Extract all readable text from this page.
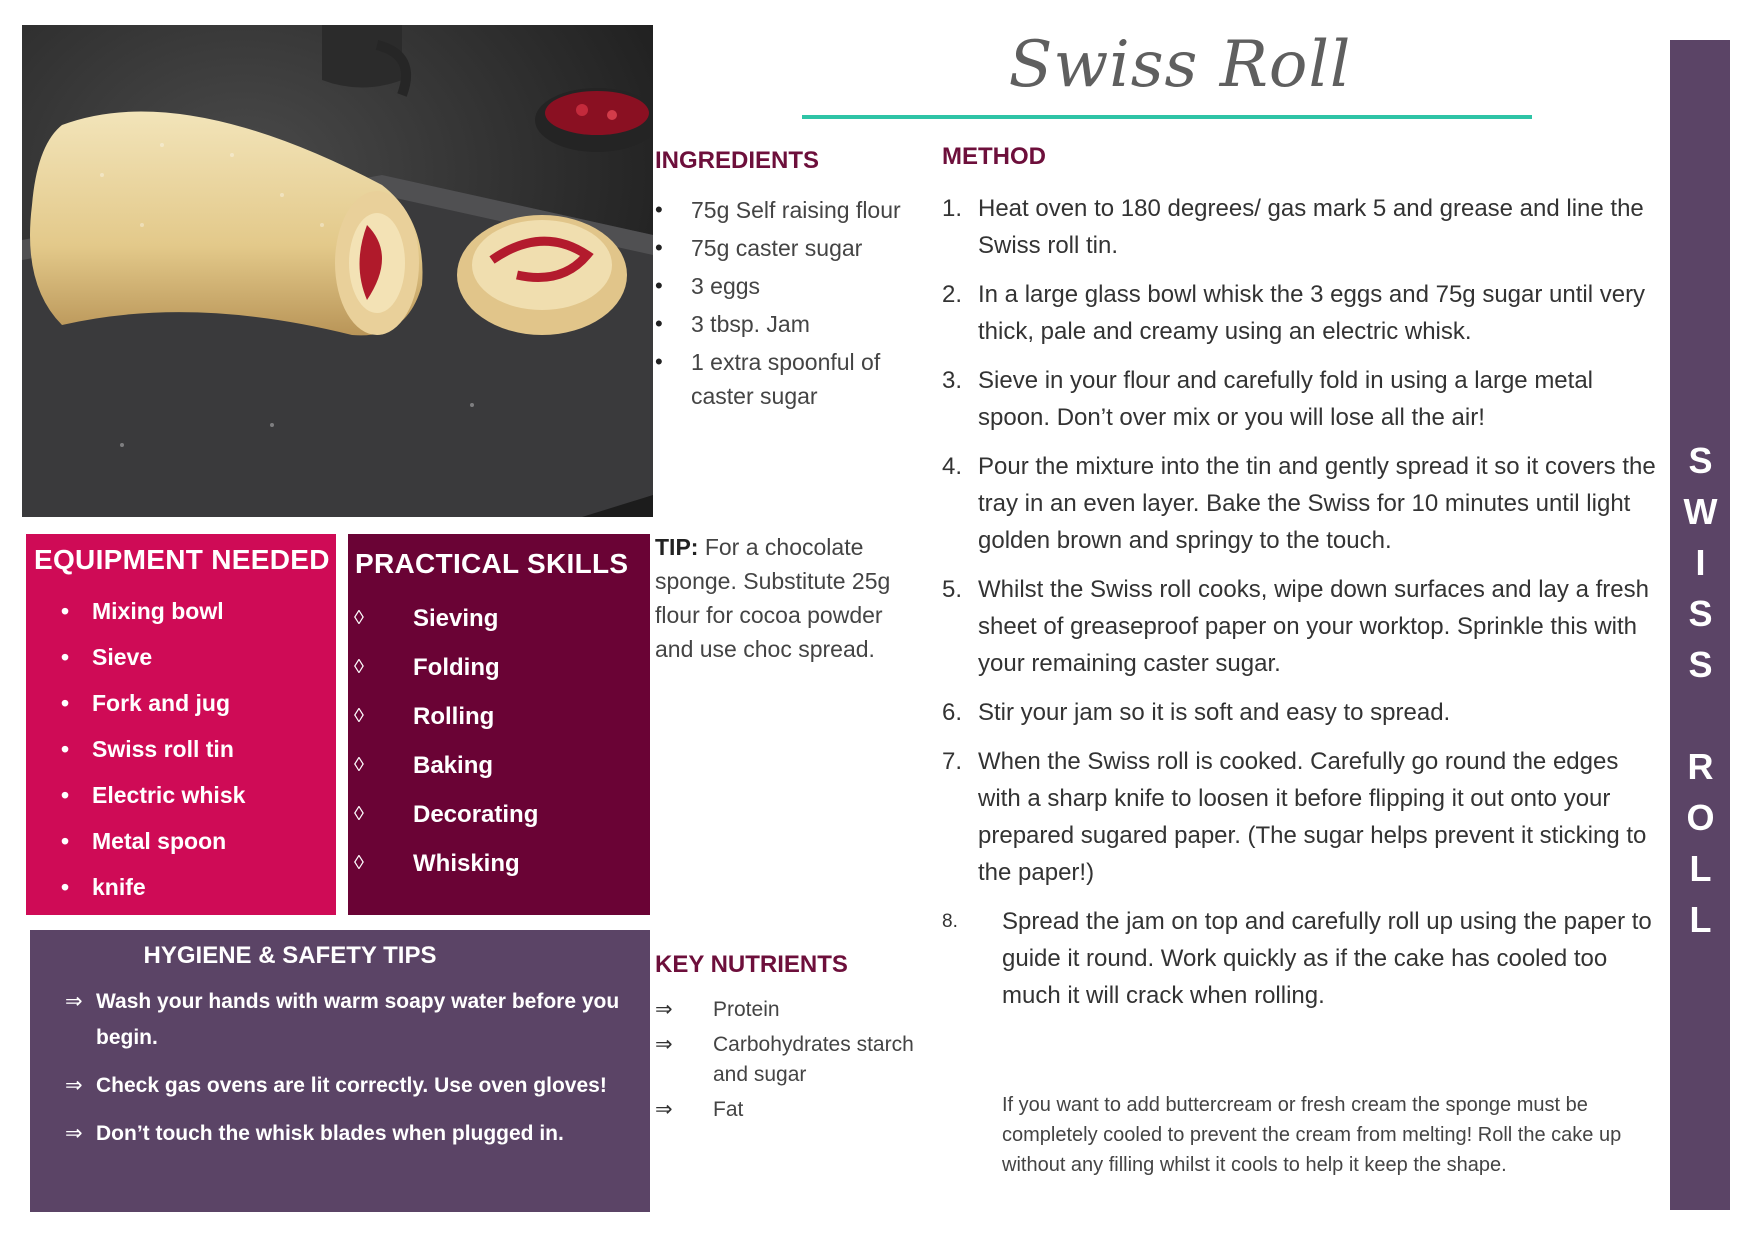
Swiss Roll
SWISS ROLL
INGREDIENTS
• 75g Self raising flour
• 75g caster sugar
• 3 eggs
• 3 tbsp. Jam
• 1 extra spoonful of caster sugar
TIP: For a chocolate sponge. Substitute 25g flour for cocoa powder and use choc spread.
KEY NUTRIENTS
⇒ Protein
⇒ Carbohydrates starch and sugar
⇒ Fat
METHOD
1. Heat oven to 180 degrees/ gas mark 5 and grease and line the Swiss roll tin.
2. In a large glass bowl whisk the 3 eggs and 75g sugar until very thick, pale and creamy using an electric whisk.
3. Sieve in your flour and carefully fold in using a large metal spoon. Don’t over mix or you will lose all the air!
4. Pour the mixture into the tin and gently spread it so it covers the tray in an even layer. Bake the Swiss for 10 minutes until light golden brown and springy to the touch.
5. Whilst the Swiss roll cooks, wipe down surfaces and lay a fresh sheet of greaseproof paper on your worktop. Sprinkle this with your remaining caster sugar.
6. Stir your jam so it is soft and easy to spread.
7. When the Swiss roll is cooked. Carefully go round the edges with a sharp knife to loosen it before flipping it out onto your prepared sugared paper. (The sugar helps prevent it sticking to the paper!)
8. Spread the jam on top and carefully roll up using the paper to guide it round. Work quickly as if the cake has cooled too much it will crack when rolling.
If you want to add buttercream or fresh cream the sponge must be completely cooled to prevent the cream from melting! Roll the cake up without any filling whilst it cools to help it keep the shape.
EQUIPMENT NEEDED
• Mixing bowl
• Sieve
• Fork and jug
• Swiss roll tin
• Electric whisk
• Metal spoon
• knife
PRACTICAL SKILLS
◊ Sieving
◊ Folding
◊ Rolling
◊ Baking
◊ Decorating
◊ Whisking
HYGIENE & SAFETY TIPS
⇒ Wash your hands with warm soapy water before you begin.
⇒ Check gas ovens are lit correctly. Use oven gloves!
⇒ Don’t touch the whisk blades when plugged in.
